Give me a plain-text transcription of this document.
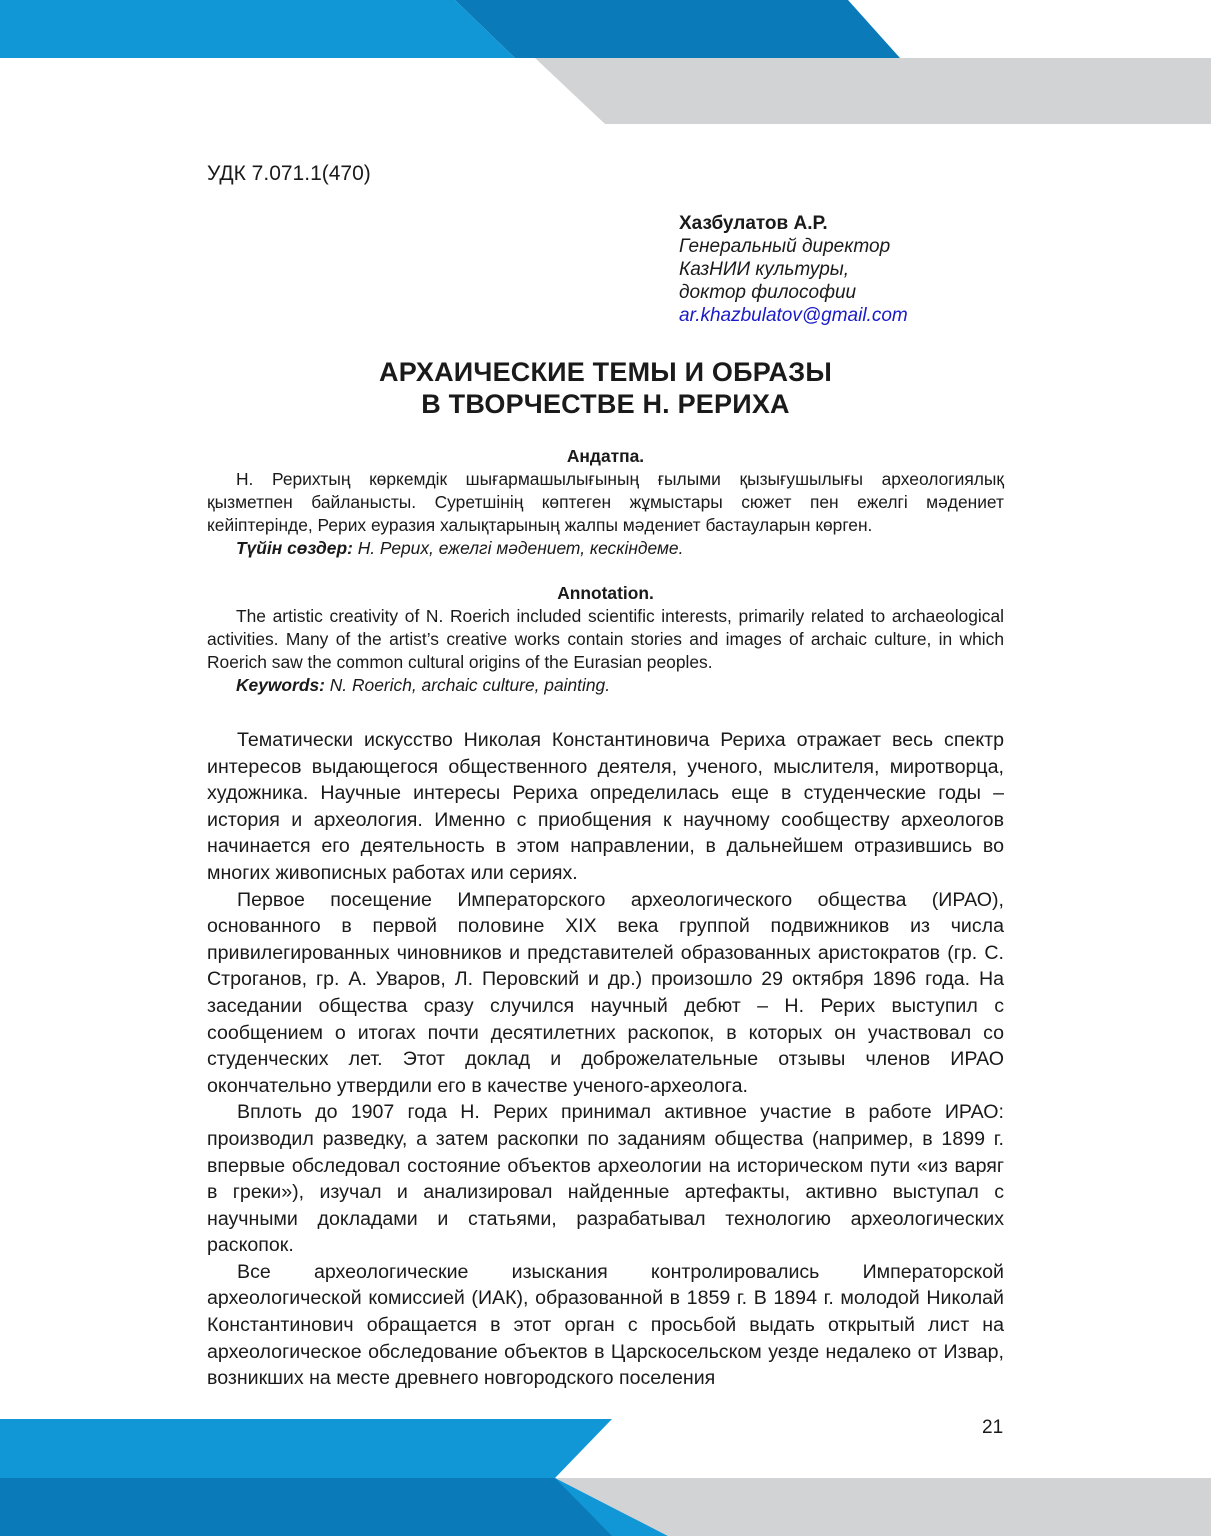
УДК 7.071.1(470)
Хазбулатов А.Р.
Генеральный директор
КазНИИ культуры,
доктор философии
ar.khazbulatov@gmail.com
АРХАИЧЕСКИЕ ТЕМЫ И ОБРАЗЫ
В ТВОРЧЕСТВЕ Н. РЕРИХА
Андатпа.

Н. Рерихтың көркемдік шығармашылығының ғылыми қызығушылығы археологиялық қызметпен байланысты. Суретшінің көптеген жұмыстары сюжет пен ежелгі мәдениет кейіптерінде, Рерих еуразия халықтарының жалпы мәдениет бастауларын көрген.

Түйін сөздер: Н. Рерих, ежелгі мәдениет, кескіндеме.

Annotation.

The artistic creativity of N. Roerich included scientific interests, primarily related to archaeological activities. Many of the artist’s creative works contain stories and images of archaic culture, in which Roerich saw the common cultural origins of the Eurasian peoples.

Keywords: N. Roerich, archaic culture, painting.

Тематически искусство Николая Константиновича Рериха отражает весь спектр интересов выдающегося общественного деятеля, ученого, мыслителя, миротворца, художника. Научные интересы Рериха определилась еще в студенческие годы – история и археология. Именно с приобщения к научному сообществу археологов начинается его деятельность в этом направлении, в дальнейшем отразившись во многих живописных работах или сериях.

Первое посещение Императорского археологического общества (ИРАО), основанного в первой половине XIX века группой подвижников из числа привилегированных чиновников и представителей образованных аристократов (гр. С. Строганов, гр. А. Уваров, Л. Перовский и др.) произошло 29 октября 1896 года. На заседании общества сразу случился научный дебют – Н. Рерих выступил с сообщением о итогах почти десятилетних раскопок, в которых он участвовал со студенческих лет. Этот доклад и доброжелательные отзывы членов ИРАО окончательно утвердили его в качестве ученого-археолога.

Вплоть до 1907 года Н. Рерих принимал активное участие в работе ИРАО: производил разведку, а затем раскопки по заданиям общества (например, в 1899 г. впервые обследовал состояние объектов археологии на историческом пути «из варяг в греки»), изучал и анализировал найденные артефакты, активно выступал с научными докладами и статьями, разрабатывал технологию археологических раскопок.

Все археологические изыскания контролировались Императорской археологической комиссией (ИАК), образованной в 1859 г. В 1894 г. молодой Николай Константинович обращается в этот орган с просьбой выдать открытый лист на археологическое обследование объектов в Царскосельском уезде недалеко от Извар, возникших на месте древнего новгородского поселения

21
